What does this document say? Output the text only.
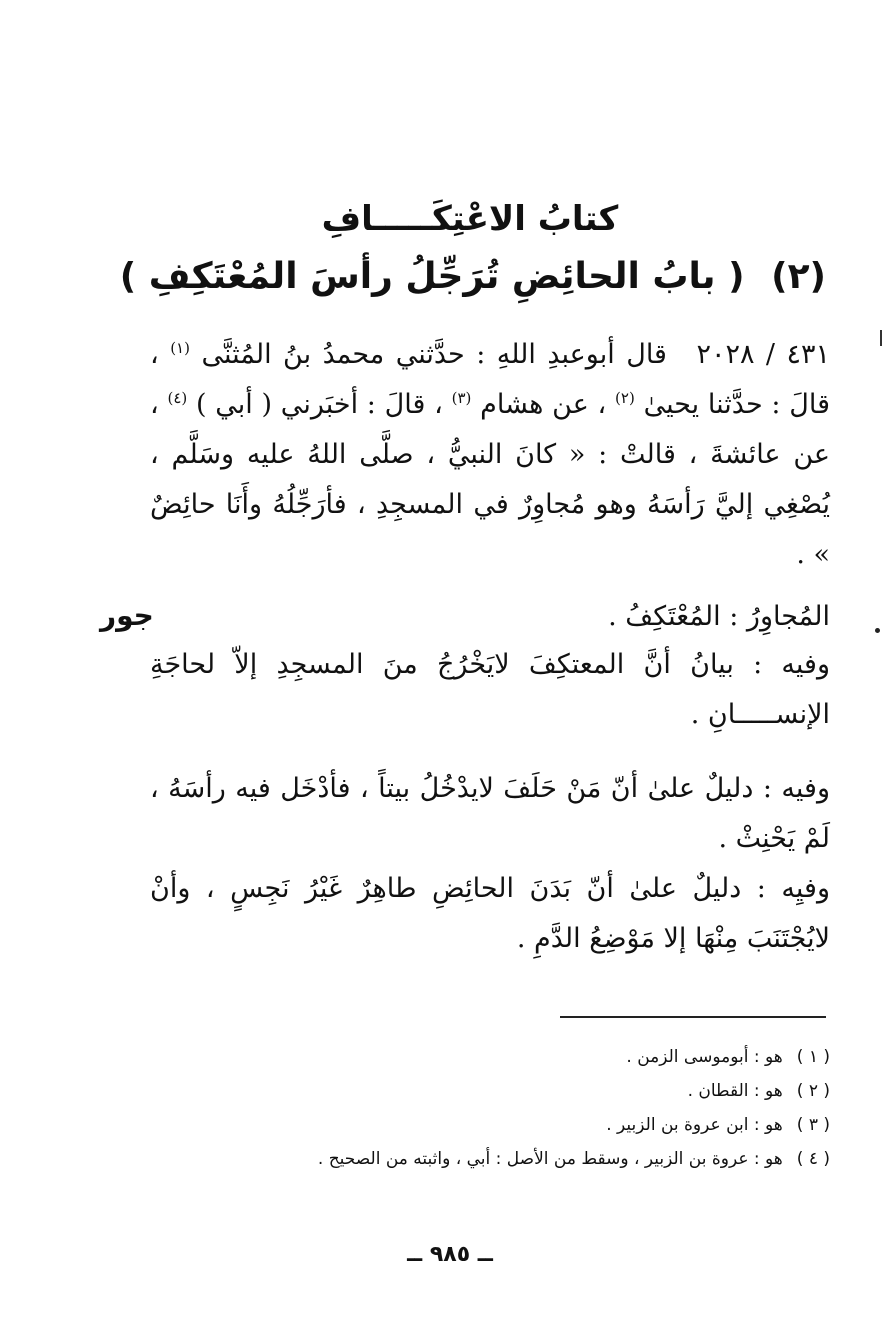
كتابُ الاعْتِكَـــــافِ
(٢) ( بابُ الحائِضِ تُرَجِّلُ رأسَ المُعْتَكِفِ )

٤٣١ / ٢٠٢٨ قال أبوعبدِ اللهِ : حدَّثني محمدُ بنُ المُثنَّى $^{(١)}$ ، قالَ : حدَّثنا يحيىٰ $^{(٢)}$ ، عن هشام $^{(٣)}$ ، قالَ : أخبَرني ( أبي ) $^{(٤)}$ ، عن عائشةَ ، قالتْ : « كانَ النبيُّ ، صلَّى اللهُ عليه وسَلَّم ، يُصْغِي إليَّ رَأسَهُ وهو مُجاوِرٌ في المسجِدِ ، فأرَجِّلُهُ وأَنَا حائِضٌ » .

جور	المُجاوِرُ : المُعْتَكِفُ .

وفيه : بيانُ أنَّ المعتكِفَ لايَخْرُجُ منَ المسجِدِ إلاّ لحاجَةِ الإنســـــانِ .

وفيه : دليلٌ علىٰ أنّ مَنْ حَلَفَ لايدْخُلُ بيتاً ، فأدْخَل فيه رأسَهُ ، لَمْ يَحْنِثْ .

وفيِه : دليلٌ علىٰ أنّ بَدَنَ الحائِضِ طاهِرٌ غَيْرُ نَجِسٍ ، وأنْ لايُجْتَنَبَ مِنْهَا إلا مَوْضِعُ الدَّمِ .

( ١ )هو : أبوموسى الزمن .
( ٢ )هو : القطان .
( ٣ )هو : ابن عروة بن الزبير .
( ٤ )هو : عروة بن الزبير ، وسقط من الأصل : أبي ، واثبته من الصحيح .
ــ ٩٨٥ ــ
